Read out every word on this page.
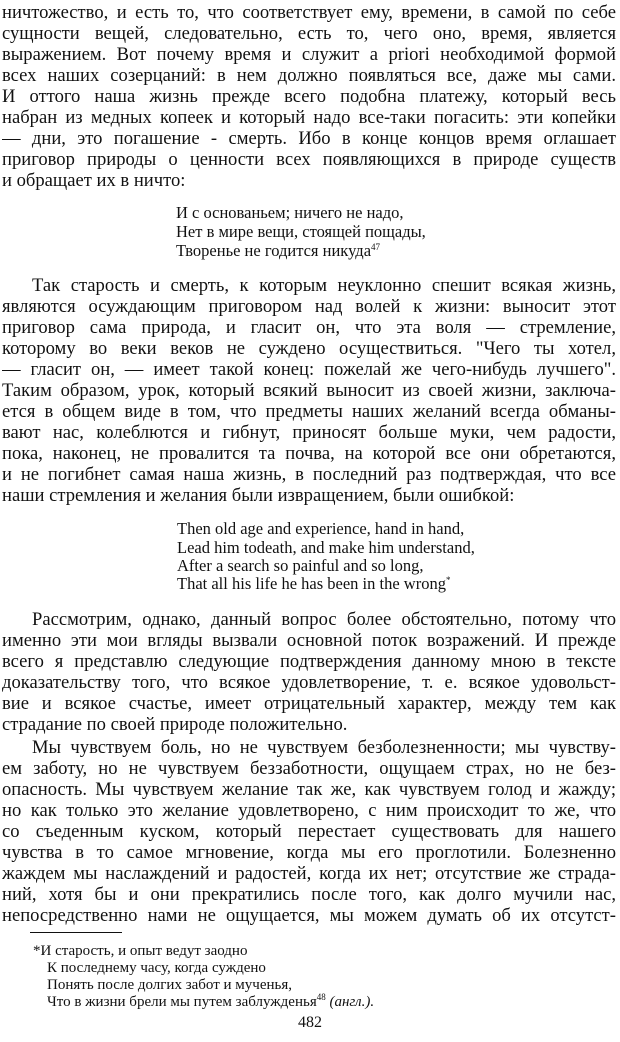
ничтожество, и есть то, что соответствует ему, времени, в самой по себе
сущности вещей, следовательно, есть то, чего оно, время, является
выражением. Вот почему время и служит a priori необходимой формой
всех наших созерцаний: в нем должно появляться все, даже мы сами.
И оттого наша жизнь прежде всего подобна платежу, который весь
набран из медных копеек и который надо все-таки погасить: эти копейки
— дни, это погашение - смерть. Ибо в конце концов время оглашает
приговор природы о ценности всех появляющихся в природе существ
и обращает их в ничто:
И с основаньем; ничего не надо,
Нет в мире вещи, стоящей пощады,
Творенье не годится никуда$^{47}$
Так старость и смерть, к которым неуклонно спешит всякая жизнь,
являются осуждающим приговором над волей к жизни: выносит этот
приговор сама природа, и гласит он, что эта воля — стремление,
которому во веки веков не суждено осуществиться. "Чего ты хотел,
— гласит он, — имеет такой конец: пожелай же чего-нибудь лучшего".
Таким образом, урок, который всякий выносит из своей жизни, заключа-
ется в общем виде в том, что предметы наших желаний всегда обманы-
вают нас, колеблются и гибнут, приносят больше муки, чем радости,
пока, наконец, не провалится та почва, на которой все они обретаются,
и не погибнет самая наша жизнь, в последний раз подтверждая, что все
наши стремления и желания были извращением, были ошибкой:
Then old age and experience, hand in hand,
Lead him todeath, and make him understand,
After a search so painful and so long,
That all his life he has been in the wrong*
Рассмотрим, однако, данный вопрос более обстоятельно, потому что
именно эти мои вгляды вызвали основной поток возражений. И прежде
всего я представлю следующие подтверждения данному мною в тексте
доказательству того, что всякое удовлетворение, т. е. всякое удовольст-
вие и всякое счастье, имеет отрицательный характер, между тем как
страдание по своей природе положительно.
Мы чувствуем боль, но не чувствуем безболезненности; мы чувству-
ем заботу, но не чувствуем беззаботности, ощущаем страх, но не без-
опасность. Мы чувствуем желание так же, как чувствуем голод и жажду;
но как только это желание удовлетворено, с ним происходит то же, что
со съеденным куском, который перестает существовать для нашего
чувства в то самое мгновение, когда мы его проглотили. Болезненно
жаждем мы наслаждений и радостей, когда их нет; отсутствие же страда-
ний, хотя бы и они прекратились после того, как долго мучили нас,
непосредственно нами не ощущается, мы можем думать об их отсутст-
*И старость, и опыт ведут заодно
К последнему часу, когда суждено
Понять после долгих забот и мученья,
Что в жизни брели мы путем заблужденья$^{48}$ (англ.).
482
